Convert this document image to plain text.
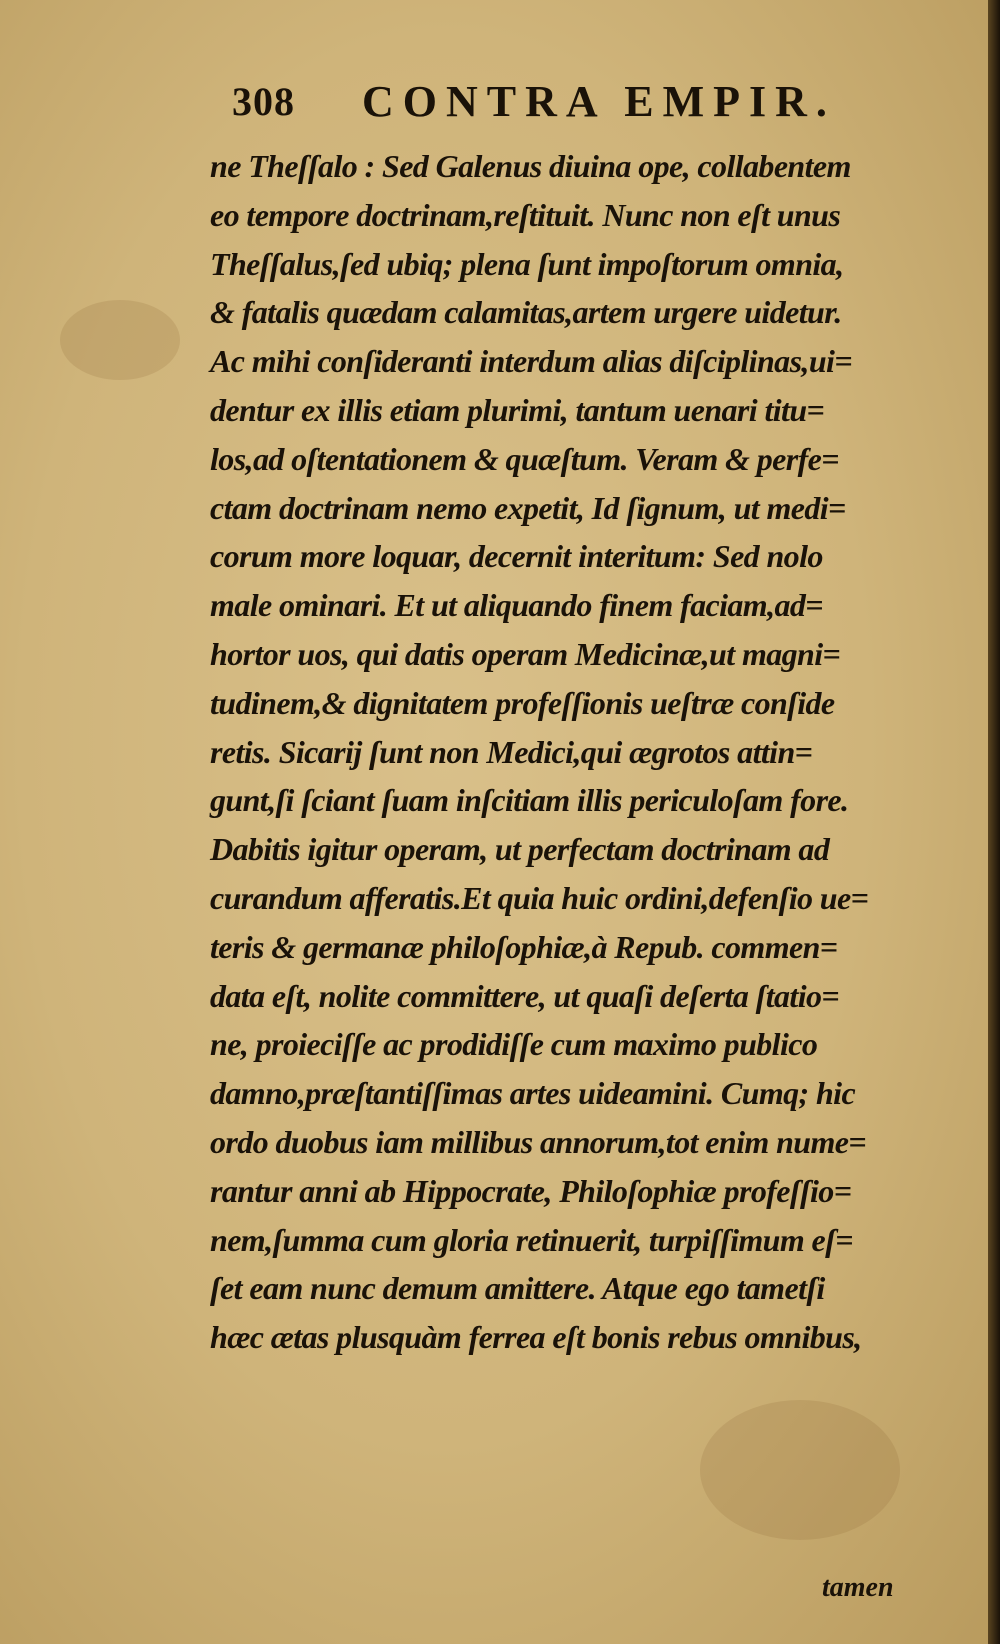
308 CONTRA EMPIR.
ne Theſſalo : Sed Galenus diuina ope, collabentem
eo tempore doctrinam,reſtituit. Nunc non eſt unus
Theſſalus,ſed ubiq; plena ſunt impoſtorum omnia,
& fatalis quædam calamitas,artem urgere uidetur.
Ac mihi conſideranti interdum alias diſciplinas,ui=
dentur ex illis etiam plurimi, tantum uenari titu=
los,ad oſtentationem & quæſtum. Veram & perfe=
ctam doctrinam nemo expetit, Id ſignum, ut medi=
corum more loquar, decernit interitum: Sed nolo
male ominari. Et ut aliquando finem faciam,ad=
hortor uos, qui datis operam Medicinæ,ut magni=
tudinem,& dignitatem profeſſionis ueſtræ conſide
retis. Sicarij ſunt non Medici,qui ægrotos attin=
gunt,ſi ſciant ſuam inſcitiam illis periculoſam fore.
Dabitis igitur operam, ut perfectam doctrinam ad
curandum afferatis.Et quia huic ordini,defenſio ue=
teris & germanæ philoſophiæ,à Repub. commen=
data eſt, nolite committere, ut quaſi deſerta ſtatio=
ne, proieciſſe ac prodidiſſe cum maximo publico
damno,præſtantiſſimas artes uideamini. Cumq; hic
ordo duobus iam millibus annorum,tot enim nume=
rantur anni ab Hippocrate, Philoſophiæ profeſſio=
nem,ſumma cum gloria retinuerit, turpiſſimum eſ=
ſet eam nunc demum amittere. Atque ego tametſi
hæc ætas plusquàm ferrea eſt bonis rebus omnibus,
tamen
